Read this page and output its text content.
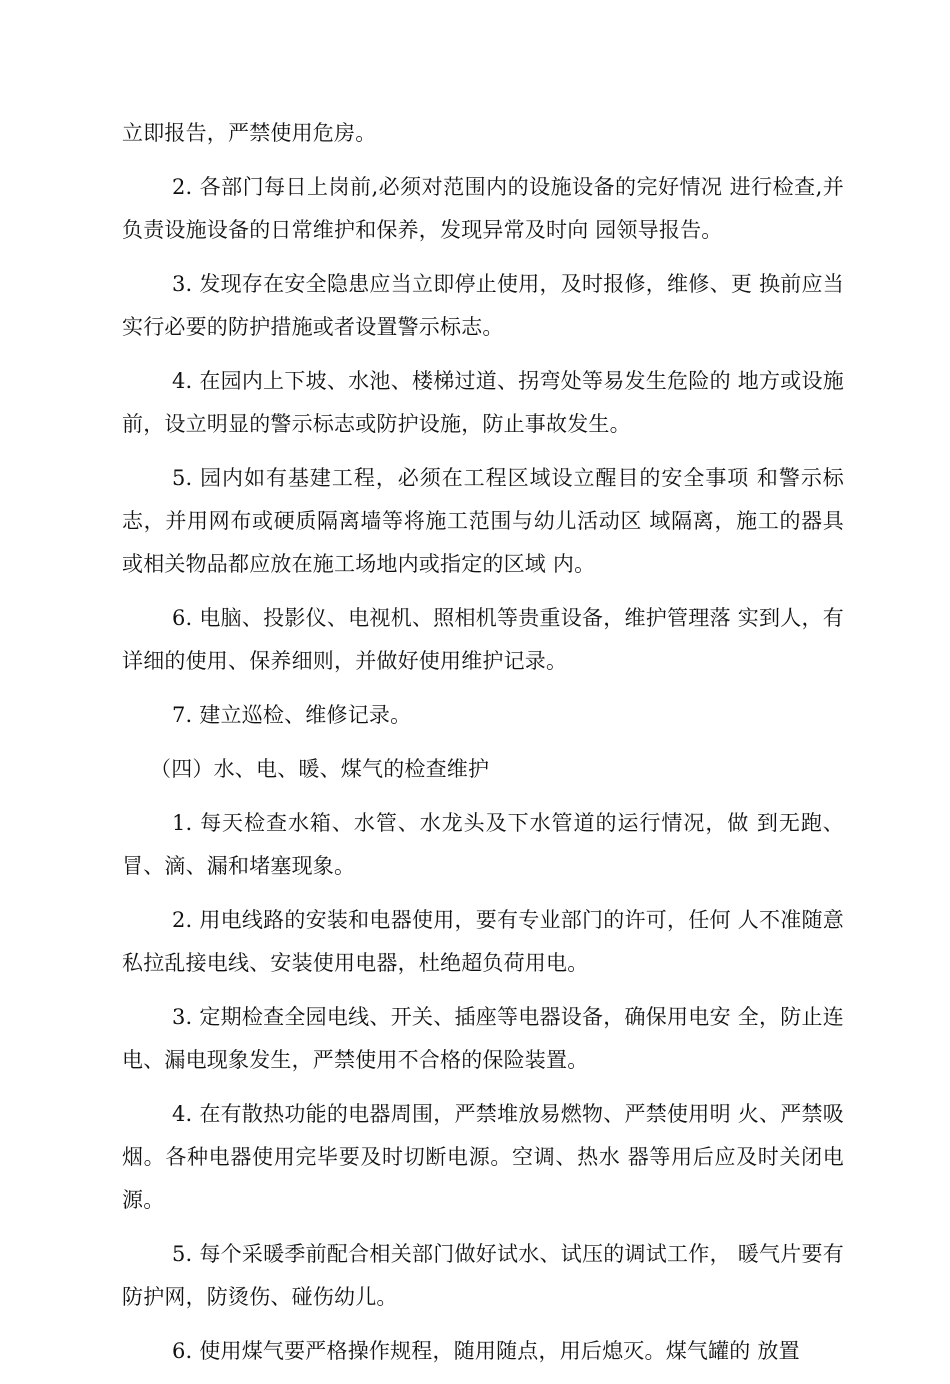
立即报告，严禁使用危房。

2. 各部门每日上岗前,必须对范围内的设施设备的完好情况 进行检查,并负责设施设备的日常维护和保养，发现异常及时向 园领导报告。

3. 发现存在安全隐患应当立即停止使用，及时报修，维修、更 换前应当实行必要的防护措施或者设置警示标志。

4. 在园内上下坡、水池、楼梯过道、拐弯处等易发生危险的 地方或设施前，设立明显的警示标志或防护设施，防止事故发生。

5. 园内如有基建工程，必须在工程区域设立醒目的安全事项 和警示标志，并用网布或硬质隔离墙等将施工范围与幼儿活动区 域隔离，施工的器具或相关物品都应放在施工场地内或指定的区域 内。

6. 电脑、投影仪、电视机、照相机等贵重设备，维护管理落 实到人，有详细的使用、保养细则，并做好使用维护记录。

7. 建立巡检、维修记录。

（四）水、电、暖、煤气的检查维护

1. 每天检查水箱、水管、水龙头及下水管道的运行情况，做 到无跑、冒、滴、漏和堵塞现象。

2. 用电线路的安装和电器使用，要有专业部门的许可，任何 人不准随意私拉乱接电线、安装使用电器，杜绝超负荷用电。

3. 定期检查全园电线、开关、插座等电器设备，确保用电安 全，防止连电、漏电现象发生，严禁使用不合格的保险装置。

4. 在有散热功能的电器周围，严禁堆放易燃物、严禁使用明 火、严禁吸烟。各种电器使用完毕要及时切断电源。空调、热水 器等用后应及时关闭电源。

5. 每个采暖季前配合相关部门做好试水、试压的调试工作， 暖气片要有防护网，防烫伤、碰伤幼儿。

6. 使用煤气要严格操作规程，随用随点，用后熄灭。煤气罐的 放置
